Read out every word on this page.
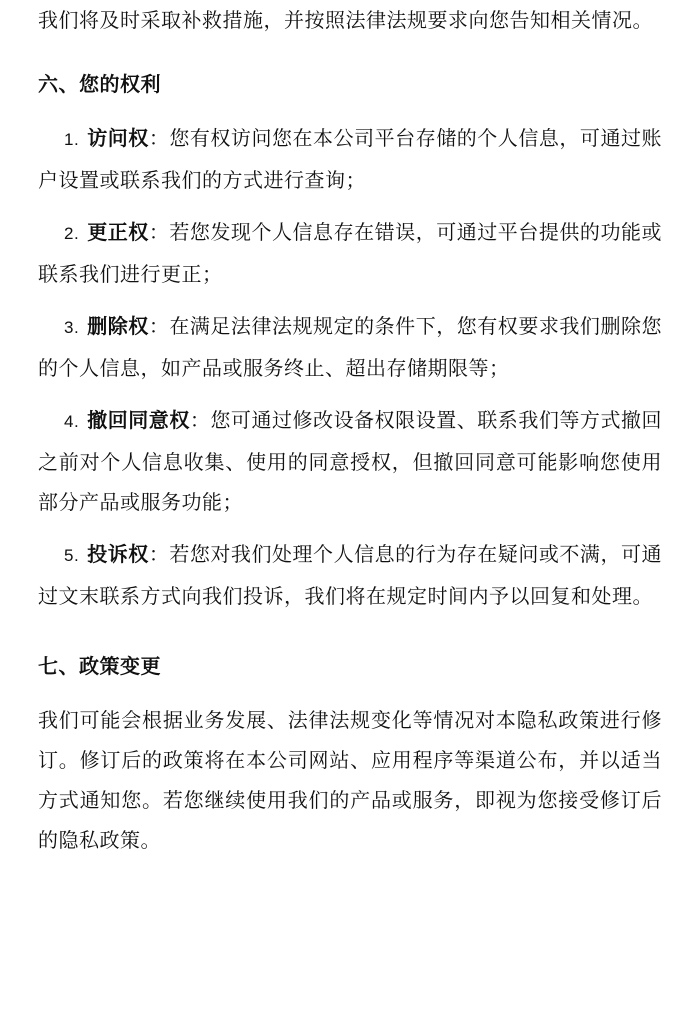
我们将及时采取补救措施，并按照法律法规要求向您告知相关情况。

六、您的权利
1. 访问权：您有权访问您在本公司平台存储的个人信息，可通过账户设置或联系我们的方式进行查询；
2. 更正权：若您发现个人信息存在错误，可通过平台提供的功能或联系我们进行更正；
3. 删除权：在满足法律法规规定的条件下，您有权要求我们删除您的个人信息，如产品或服务终止、超出存储期限等；
4. 撤回同意权：您可通过修改设备权限设置、联系我们等方式撤回之前对个人信息收集、使用的同意授权，但撤回同意可能影响您使用部分产品或服务功能；
5. 投诉权：若您对我们处理个人信息的行为存在疑问或不满，可通过文末联系方式向我们投诉，我们将在规定时间内予以回复和处理。
七、政策变更

我们可能会根据业务发展、法律法规变化等情况对本隐私政策进行修订。修订后的政策将在本公司网站、应用程序等渠道公布，并以适当方式通知您。若您继续使用我们的产品或服务，即视为您接受修订后的隐私政策。
